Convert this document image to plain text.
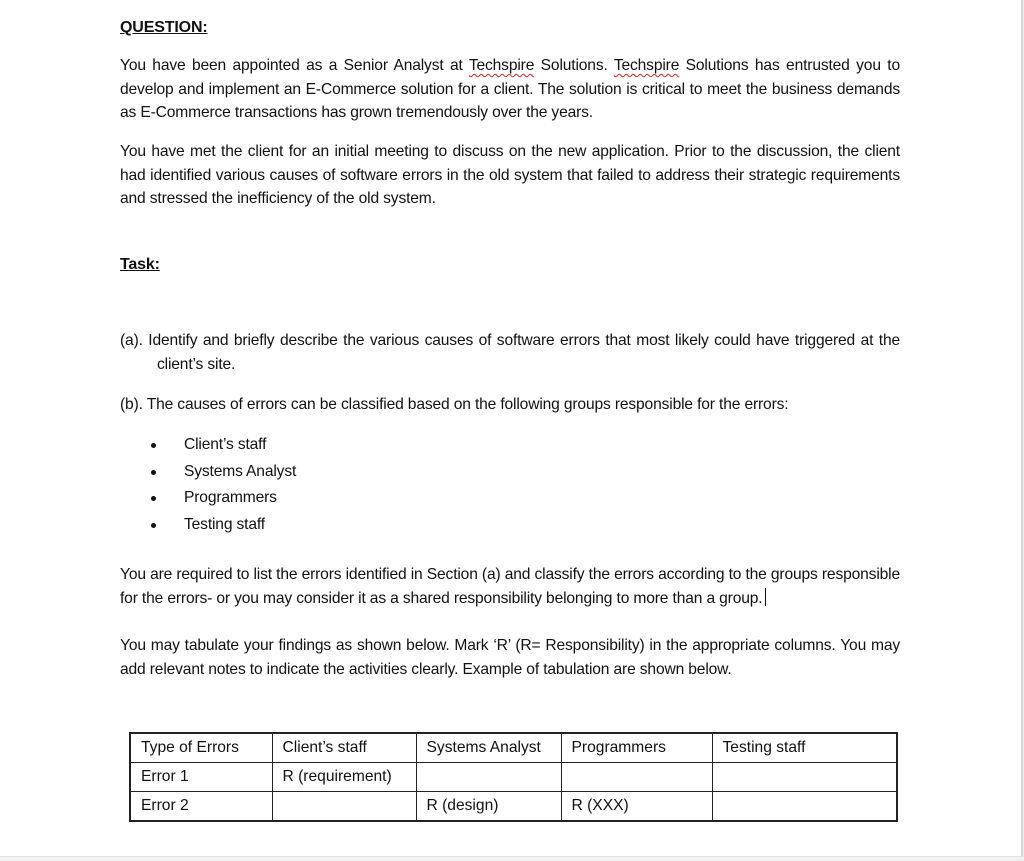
QUESTION:
You have been appointed as a Senior Analyst at Techspire Solutions. Techspire Solutions has entrusted you to develop and implement an E-Commerce solution for a client. The solution is critical to meet the business demands as E-Commerce transactions has grown tremendously over the years.
You have met the client for an initial meeting to discuss on the new application. Prior to the discussion, the client had identified various causes of software errors in the old system that failed to address their strategic requirements and stressed the inefficiency of the old system.
Task:
(a). Identify and briefly describe the various causes of software errors that most likely could have triggered at the client’s site.
(b). The causes of errors can be classified based on the following groups responsible for the errors:
Client’s staff
Systems Analyst
Programmers
Testing staff
You are required to list the errors identified in Section (a) and classify the errors according to the groups responsible for the errors- or you may consider it as a shared responsibility belonging to more than a group.
You may tabulate your findings as shown below. Mark ‘R’ (R= Responsibility) in the appropriate columns. You may add relevant notes to indicate the activities clearly. Example of tabulation are shown below.
Type of Errors	Client’s staff	Systems Analyst	Programmers	Testing staff
Error 1	R (requirement)			
Error 2		R (design)	R (XXX)	
